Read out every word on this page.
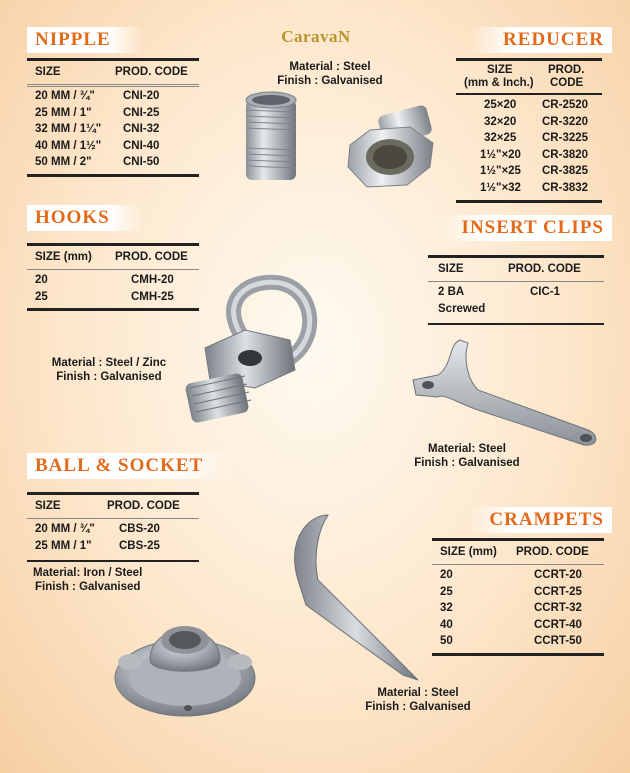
CaravaN
NIPPLE
SIZE	PROD. CODE
20 MM / ¾" CNI-20
25 MM / 1"	CNI-25
32 MM / 1¼" CNI-32
40 MM / 1½" CNI-40
50 MM / 2"	CNI-50
Material : Steel
Finish : Galvanised
REDUCER
SIZE	PROD.
(mm & Inch.) CODE
25×20 CR-2520
32×20 CR-3220
32×25 CR-3225
1½"×20 CR-3820
1½"×25 CR-3825
1½"×32 CR-3832
HOOKS
SIZE (mm) PROD. CODE
20	CMH-20
25	CMH-25
Material : Steel / Zinc
Finish : Galvanised
INSERT CLIPS
SIZE	PROD. CODE
2 BA	CIC-1
Screwed
Material: Steel
Finish : Galvanised
BALL & SOCKET
SIZE	PROD. CODE
20 MM / ¾" CBS-20
25 MM / 1" CBS-25
Material: Iron / Steel
Finish : Galvanised
CRAMPETS
SIZE (mm) PROD. CODE
20	CCRT-20
25	CCRT-25
32	CCRT-32
40	CCRT-40
50	CCRT-50
Material : Steel
Finish : Galvanised
